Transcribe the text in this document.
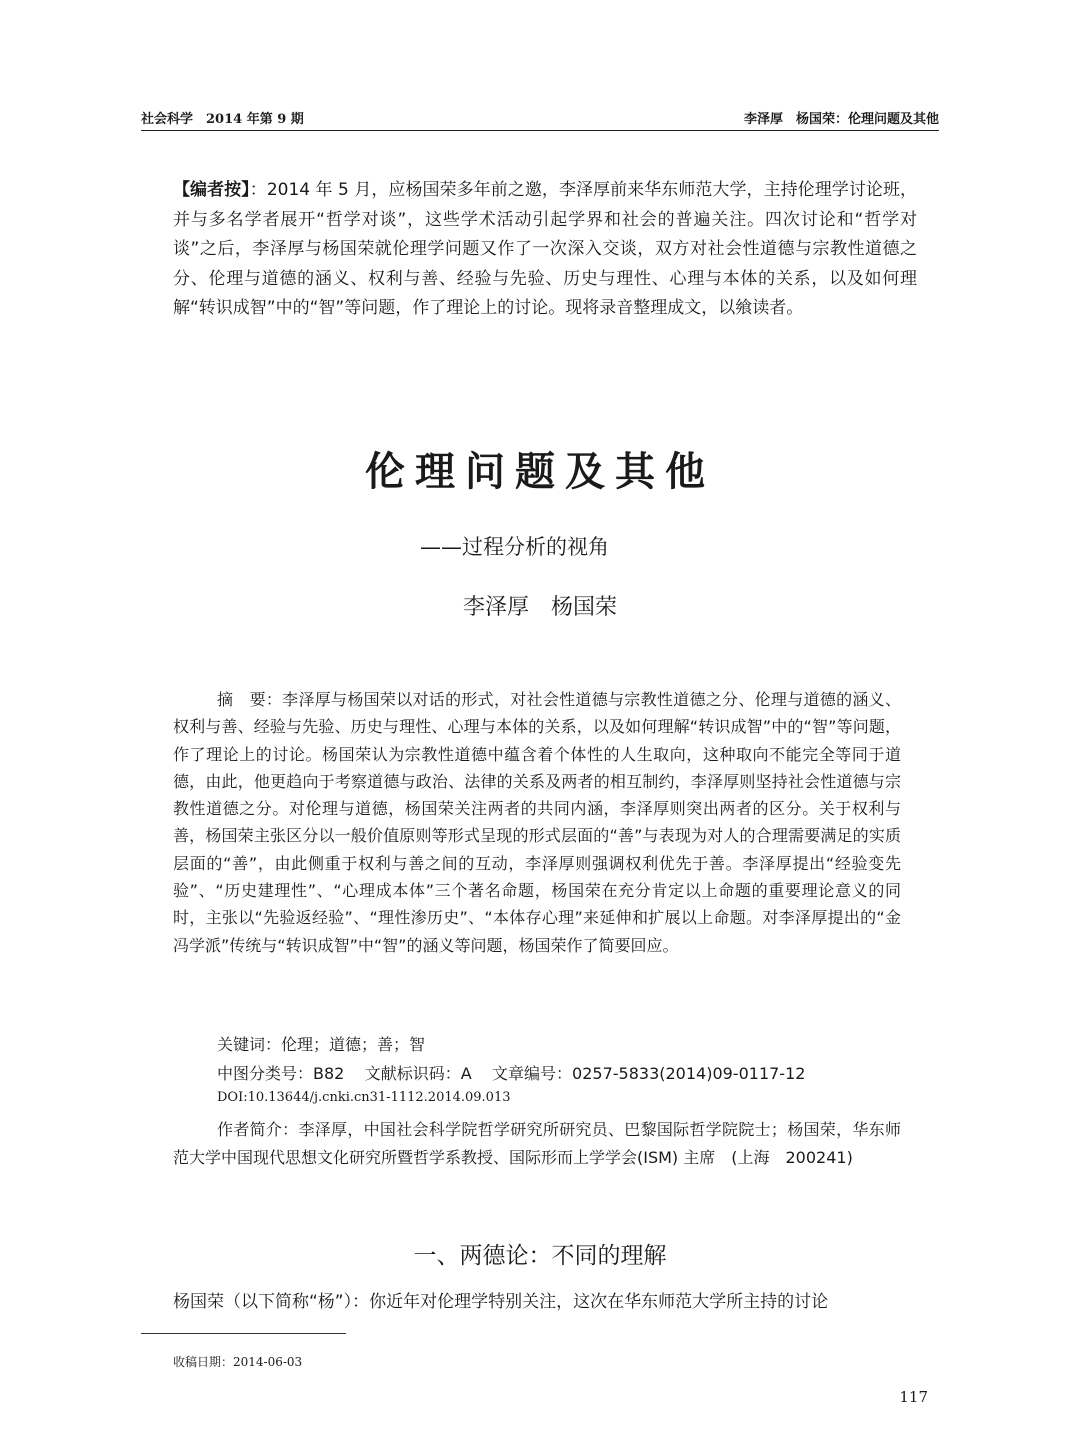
社会科学　2014 年第 9 期	李泽厚　杨国荣：伦理问题及其他
【编者按】：2014 年 5 月，应杨国荣多年前之邀，李泽厚前来华东师范大学，主持伦理学讨论班，并与多名学者展开“哲学对谈”，这些学术活动引起学界和社会的普遍关注。四次讨论和“哲学对谈”之后，李泽厚与杨国荣就伦理学问题又作了一次深入交谈，双方对社会性道德与宗教性道德之分、伦理与道德的涵义、权利与善、经验与先验、历史与理性、心理与本体的关系，以及如何理解“转识成智”中的“智”等问题，作了理论上的讨论。现将录音整理成文，以飨读者。
伦理问题及其他
——过程分析的视角
李泽厚　杨国荣
摘　要：李泽厚与杨国荣以对话的形式，对社会性道德与宗教性道德之分、伦理与道德的涵义、权利与善、经验与先验、历史与理性、心理与本体的关系，以及如何理解“转识成智”中的“智”等问题，作了理论上的讨论。杨国荣认为宗教性道德中蕴含着个体性的人生取向，这种取向不能完全等同于道德，由此，他更趋向于考察道德与政治、法律的关系及两者的相互制约，李泽厚则坚持社会性道德与宗教性道德之分。对伦理与道德，杨国荣关注两者的共同内涵，李泽厚则突出两者的区分。关于权利与善，杨国荣主张区分以一般价值原则等形式呈现的形式层面的“善”与表现为对人的合理需要满足的实质层面的“善”，由此侧重于权利与善之间的互动，李泽厚则强调权利优先于善。李泽厚提出“经验变先验”、“历史建理性”、“心理成本体”三个著名命题，杨国荣在充分肯定以上命题的重要理论意义的同时，主张以“先验返经验”、“理性渗历史”、“本体存心理”来延伸和扩展以上命题。对李泽厚提出的“金冯学派”传统与“转识成智”中“智”的涵义等问题，杨国荣作了简要回应。
关键词：伦理；道德；善；智
中图分类号：B82 文献标识码：A 文章编号：0257-5833(2014)09-0117-12
DOI:10.13644/j.cnki.cn31-1112.2014.09.013
作者简介：李泽厚，中国社会科学院哲学研究所研究员、巴黎国际哲学院院士；杨国荣，华东师范大学中国现代思想文化研究所暨哲学系教授、国际形而上学学会(ISM) 主席　(上海　200241)
一、两德论：不同的理解
杨国荣（以下简称“杨”）：你近年对伦理学特别关注，这次在华东师范大学所主持的讨论
收稿日期：2014-06-03
117
